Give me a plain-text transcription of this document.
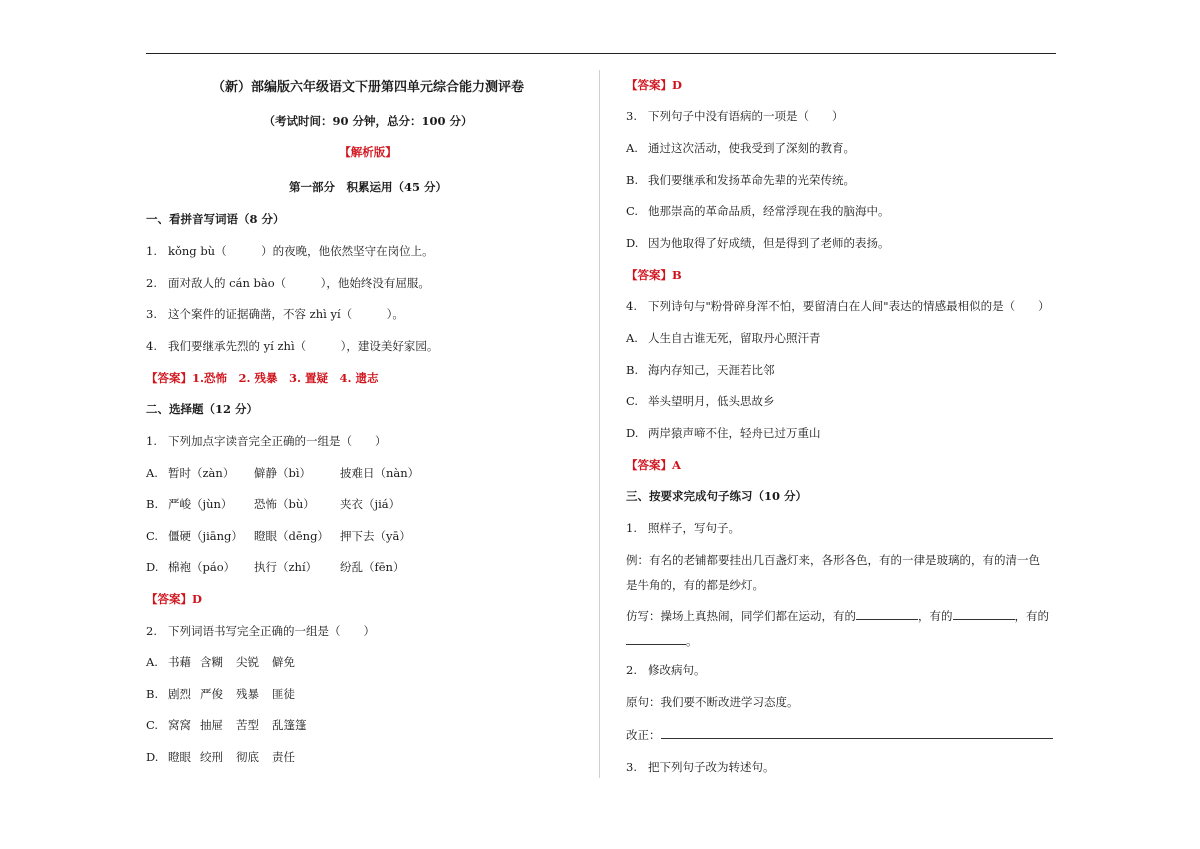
（新）部编版六年级语文下册第四单元综合能力测评卷
（考试时间：90 分钟，总分：100 分）
【解析版】
第一部分　积累运用（45 分）
一、看拼音写词语（8 分）
1. kǒng bù（　　　）的夜晚，他依然坚守在岗位上。
2. 面对敌人的 cán bào（　　　），他始终没有屈服。
3. 这个案件的证据确凿，不容 zhì yí（　　　）。
4. 我们要继承先烈的 yí zhì（　　　），建设美好家园。
【答案】1.恐怖　2. 残暴　3. 置疑　4. 遗志
二、选择题（12 分）
1. 下列加点字读音完全正确的一组是（　　）
A. 暂时（zàn） 僻静（bì）	披难日（nàn）
B. 严峻（jùn） 恐怖（bù） 夹衣（jiá）
C. 僵硬（jiāng） 瞪眼（dēng） 押下去（yā）
D. 棉袍（páo） 执行（zhí） 纷乱（fēn）
【答案】D
2. 下列词语书写完全正确的一组是（　　）
A. 书藉 含糊 尖锐 僻免
B. 剧烈 严俊 残暴 匪徒
C. 窝窝 抽屉 苦型 乱篷篷
D. 瞪眼 绞刑 彻底 责任
【答案】D
3. 下列句子中没有语病的一项是（　　）
A. 通过这次活动，使我受到了深刻的教育。
B. 我们要继承和发扬革命先辈的光荣传统。
C. 他那崇高的革命品质，经常浮现在我的脑海中。
D. 因为他取得了好成绩，但是得到了老师的表扬。
【答案】B
4. 下列诗句与"粉骨碎身浑不怕，要留清白在人间"表达的情感最相似的是（　　）
A. 人生自古谁无死，留取丹心照汗青
B. 海内存知己，天涯若比邻
C. 举头望明月，低头思故乡
D. 两岸猿声啼不住，轻舟已过万重山
【答案】A
三、按要求完成句子练习（10 分）
1. 照样子，写句子。
例：有名的老铺都要挂出几百盏灯来，各形各色，有的一律是玻璃的，有的清一色
是牛角的，有的都是纱灯。
仿写：操场上真热闹，同学们都在运动，有的	，有的	，有的
。
2. 修改病句。
原句：我们要不断改进学习态度。
改正：
3. 把下列句子改为转述句。
